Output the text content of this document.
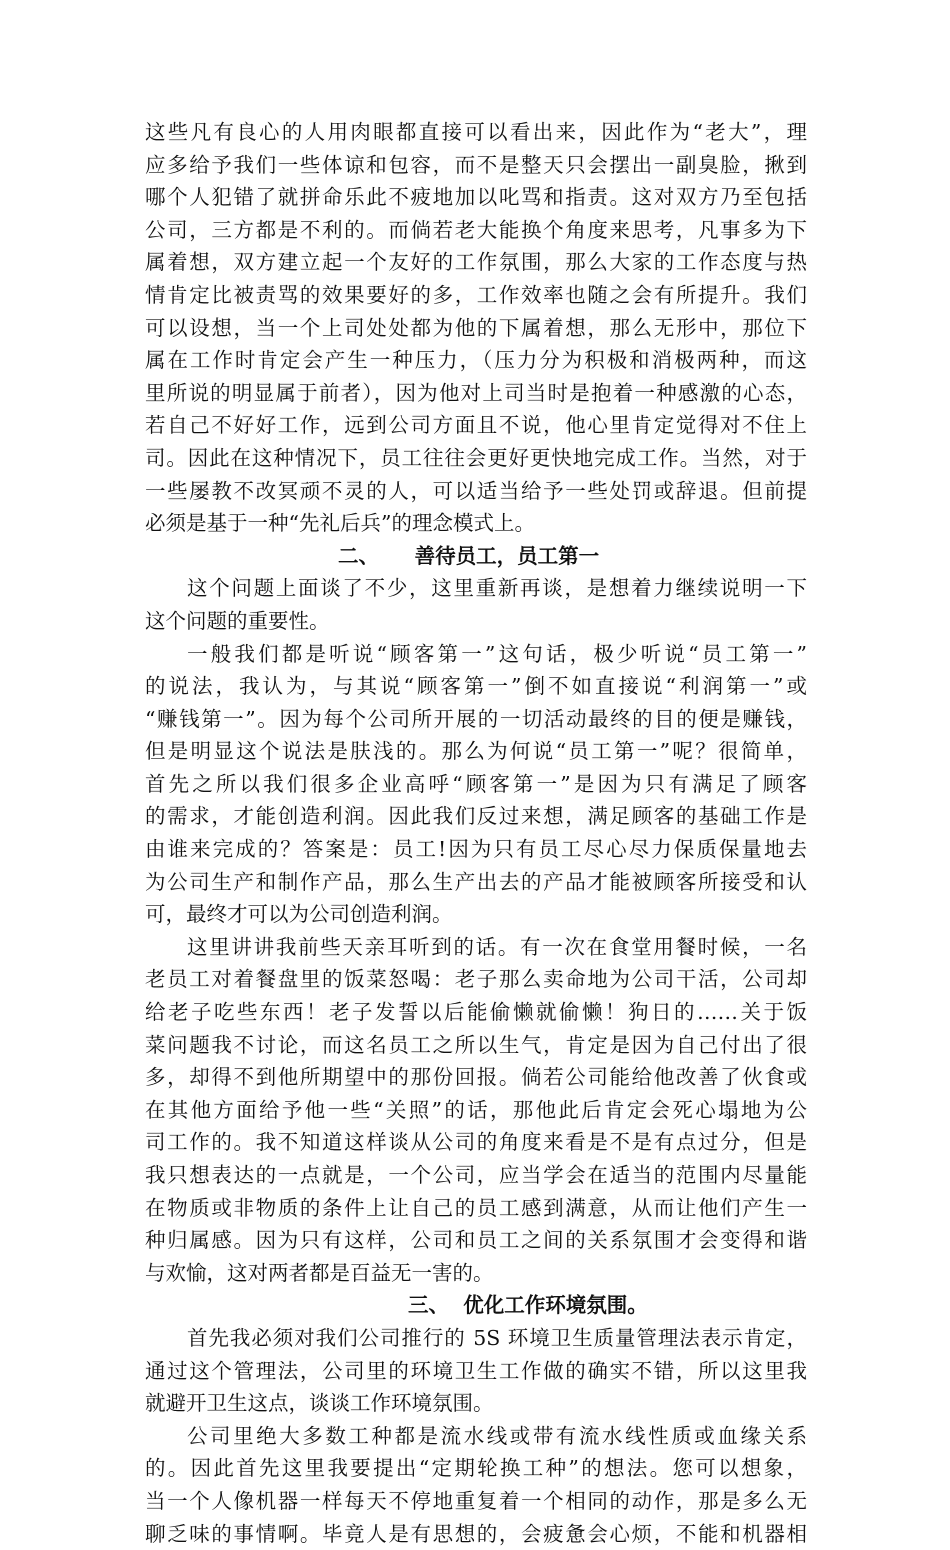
这些凡有良心的人用肉眼都直接可以看出来，因此作为“老大”，理
应多给予我们一些体谅和包容，而不是整天只会摆出一副臭脸，揪到
哪个人犯错了就拼命乐此不疲地加以叱骂和指责。这对双方乃至包括
公司，三方都是不利的。而倘若老大能换个角度来思考，凡事多为下
属着想，双方建立起一个友好的工作氛围，那么大家的工作态度与热
情肯定比被责骂的效果要好的多，工作效率也随之会有所提升。我们
可以设想，当一个上司处处都为他的下属着想，那么无形中，那位下
属在工作时肯定会产生一种压力，（压力分为积极和消极两种，而这
里所说的明显属于前者），因为他对上司当时是抱着一种感激的心态，
若自己不好好工作，远到公司方面且不说，他心里肯定觉得对不住上
司。因此在这种情况下，员工往往会更好更快地完成工作。当然，对于
一些屡教不改冥顽不灵的人，可以适当给予一些处罚或辞退。但前提
必须是基于一种“先礼后兵”的理念模式上。
二、     善待员工，员工第一
这个问题上面谈了不少，这里重新再谈，是想着力继续说明一下
这个问题的重要性。
一般我们都是听说“顾客第一”这句话，极少听说“员工第一”
的说法，我认为，与其说“顾客第一”倒不如直接说“利润第一”或
“赚钱第一”。因为每个公司所开展的一切活动最终的目的便是赚钱，
但是明显这个说法是肤浅的。那么为何说“员工第一”呢？很简单，
首先之所以我们很多企业高呼“顾客第一”是因为只有满足了顾客
的需求，才能创造利润。因此我们反过来想，满足顾客的基础工作是
由谁来完成的？答案是：员工!因为只有员工尽心尽力保质保量地去
为公司生产和制作产品，那么生产出去的产品才能被顾客所接受和认
可，最终才可以为公司创造利润。
这里讲讲我前些天亲耳听到的话。有一次在食堂用餐时候，一名
老员工对着餐盘里的饭菜怒喝：老子那么卖命地为公司干活，公司却
给老子吃些东西！老子发誓以后能偷懒就偷懒！狗日的……关于饭
菜问题我不讨论，而这名员工之所以生气，肯定是因为自己付出了很
多，却得不到他所期望中的那份回报。倘若公司能给他改善了伙食或
在其他方面给予他一些“关照”的话，那他此后肯定会死心塌地为公
司工作的。我不知道这样谈从公司的角度来看是不是有点过分，但是
我只想表达的一点就是，一个公司，应当学会在适当的范围内尽量能
在物质或非物质的条件上让自己的员工感到满意，从而让他们产生一
种归属感。因为只有这样，公司和员工之间的关系氛围才会变得和谐
与欢愉，这对两者都是百益无一害的。
三、  优化工作环境氛围。
首先我必须对我们公司推行的 5S 环境卫生质量管理法表示肯定，
通过这个管理法，公司里的环境卫生工作做的确实不错，所以这里我
就避开卫生这点，谈谈工作环境氛围。
公司里绝大多数工种都是流水线或带有流水线性质或血缘关系
的。因此首先这里我要提出“定期轮换工种”的想法。您可以想象，
当一个人像机器一样每天不停地重复着一个相同的动作，那是多么无
聊乏味的事情啊。毕竟人是有思想的，会疲惫会心烦，不能和机器相
